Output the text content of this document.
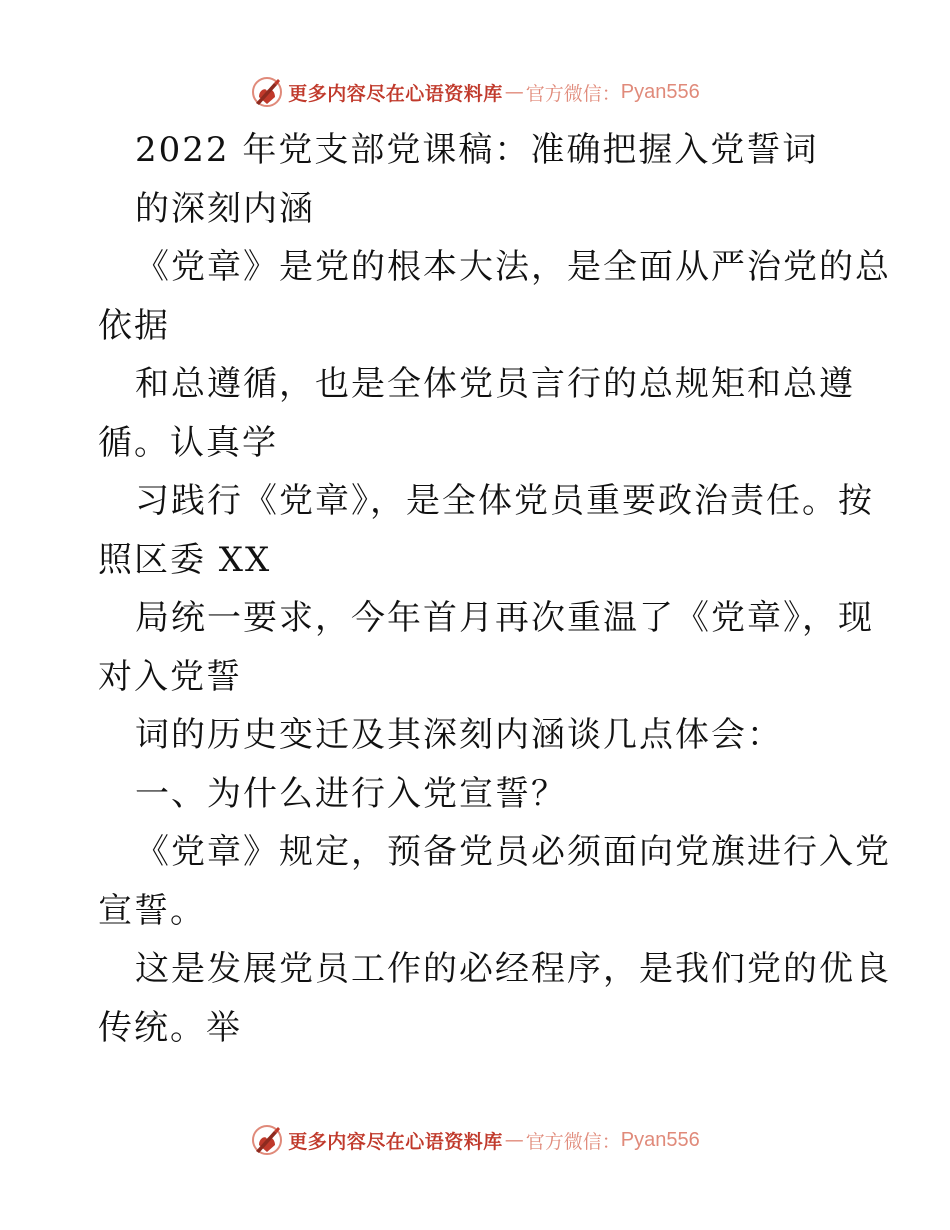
更多内容尽在心语资料库 — 官方微信： Pyan556
2022 年党支部党课稿：准确把握入党誓词
的深刻内涵
《党章》是党的根本大法，是全面从严治党的总
依据
和总遵循，也是全体党员言行的总规矩和总遵
循。认真学
习践行《党章》，是全体党员重要政治责任。按
照区委 XX
局统一要求，今年首月再次重温了《党章》，现
对入党誓
词的历史变迁及其深刻内涵谈几点体会：
一、为什么进行入党宣誓？
《党章》规定，预备党员必须面向党旗进行入党
宣誓。
这是发展党员工作的必经程序，是我们党的优良
传统。举
更多内容尽在心语资料库 — 官方微信： Pyan556
